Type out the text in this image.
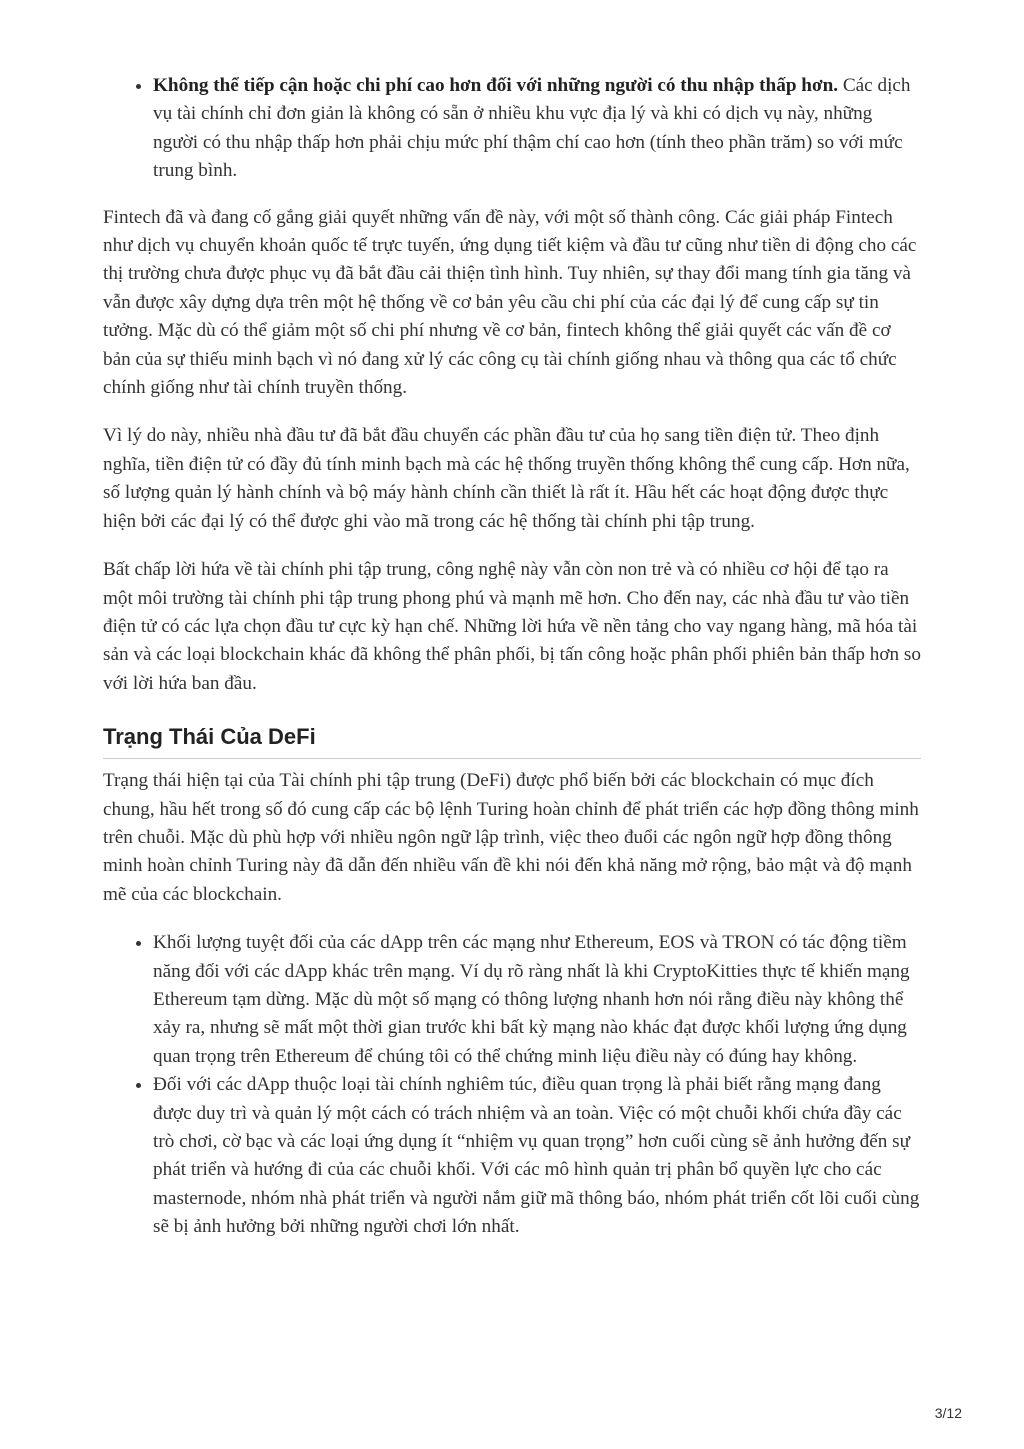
• Không thể tiếp cận hoặc chi phí cao hơn đối với những người có thu nhập thấp hơn. Các dịch vụ tài chính chỉ đơn giản là không có sẵn ở nhiều khu vực địa lý và khi có dịch vụ này, những người có thu nhập thấp hơn phải chịu mức phí thậm chí cao hơn (tính theo phần trăm) so với mức trung bình.

Fintech đã và đang cố gắng giải quyết những vấn đề này, với một số thành công. Các giải pháp Fintech như dịch vụ chuyển khoản quốc tế trực tuyến, ứng dụng tiết kiệm và đầu tư cũng như tiền di động cho các thị trường chưa được phục vụ đã bắt đầu cải thiện tình hình. Tuy nhiên, sự thay đổi mang tính gia tăng và vẫn được xây dựng dựa trên một hệ thống về cơ bản yêu cầu chi phí của các đại lý để cung cấp sự tin tưởng. Mặc dù có thể giảm một số chi phí nhưng về cơ bản, fintech không thể giải quyết các vấn đề cơ bản của sự thiếu minh bạch vì nó đang xử lý các công cụ tài chính giống nhau và thông qua các tổ chức chính giống như tài chính truyền thống.

Vì lý do này, nhiều nhà đầu tư đã bắt đầu chuyển các phần đầu tư của họ sang tiền điện tử. Theo định nghĩa, tiền điện tử có đầy đủ tính minh bạch mà các hệ thống truyền thống không thể cung cấp. Hơn nữa, số lượng quản lý hành chính và bộ máy hành chính cần thiết là rất ít. Hầu hết các hoạt động được thực hiện bởi các đại lý có thể được ghi vào mã trong các hệ thống tài chính phi tập trung.

Bất chấp lời hứa về tài chính phi tập trung, công nghệ này vẫn còn non trẻ và có nhiều cơ hội để tạo ra một môi trường tài chính phi tập trung phong phú và mạnh mẽ hơn. Cho đến nay, các nhà đầu tư vào tiền điện tử có các lựa chọn đầu tư cực kỳ hạn chế. Những lời hứa về nền tảng cho vay ngang hàng, mã hóa tài sản và các loại blockchain khác đã không thể phân phối, bị tấn công hoặc phân phối phiên bản thấp hơn so với lời hứa ban đầu.

Trạng Thái Của DeFi

Trạng thái hiện tại của Tài chính phi tập trung (DeFi) được phổ biến bởi các blockchain có mục đích chung, hầu hết trong số đó cung cấp các bộ lệnh Turing hoàn chỉnh để phát triển các hợp đồng thông minh trên chuỗi. Mặc dù phù hợp với nhiều ngôn ngữ lập trình, việc theo đuổi các ngôn ngữ hợp đồng thông minh hoàn chỉnh Turing này đã dẫn đến nhiều vấn đề khi nói đến khả năng mở rộng, bảo mật và độ mạnh mẽ của các blockchain.

• Khối lượng tuyệt đối của các dApp trên các mạng như Ethereum, EOS và TRON có tác động tiềm năng đối với các dApp khác trên mạng. Ví dụ rõ ràng nhất là khi CryptoKitties thực tế khiến mạng Ethereum tạm dừng. Mặc dù một số mạng có thông lượng nhanh hơn nói rằng điều này không thể xảy ra, nhưng sẽ mất một thời gian trước khi bất kỳ mạng nào khác đạt được khối lượng ứng dụng quan trọng trên Ethereum để chúng tôi có thể chứng minh liệu điều này có đúng hay không.
• Đối với các dApp thuộc loại tài chính nghiêm túc, điều quan trọng là phải biết rằng mạng đang được duy trì và quản lý một cách có trách nhiệm và an toàn. Việc có một chuỗi khối chứa đầy các trò chơi, cờ bạc và các loại ứng dụng ít “nhiệm vụ quan trọng” hơn cuối cùng sẽ ảnh hưởng đến sự phát triển và hướng đi của các chuỗi khối. Với các mô hình quản trị phân bổ quyền lực cho các masternode, nhóm nhà phát triển và người nắm giữ mã thông báo, nhóm phát triển cốt lõi cuối cùng sẽ bị ảnh hưởng bởi những người chơi lớn nhất.
3/12
